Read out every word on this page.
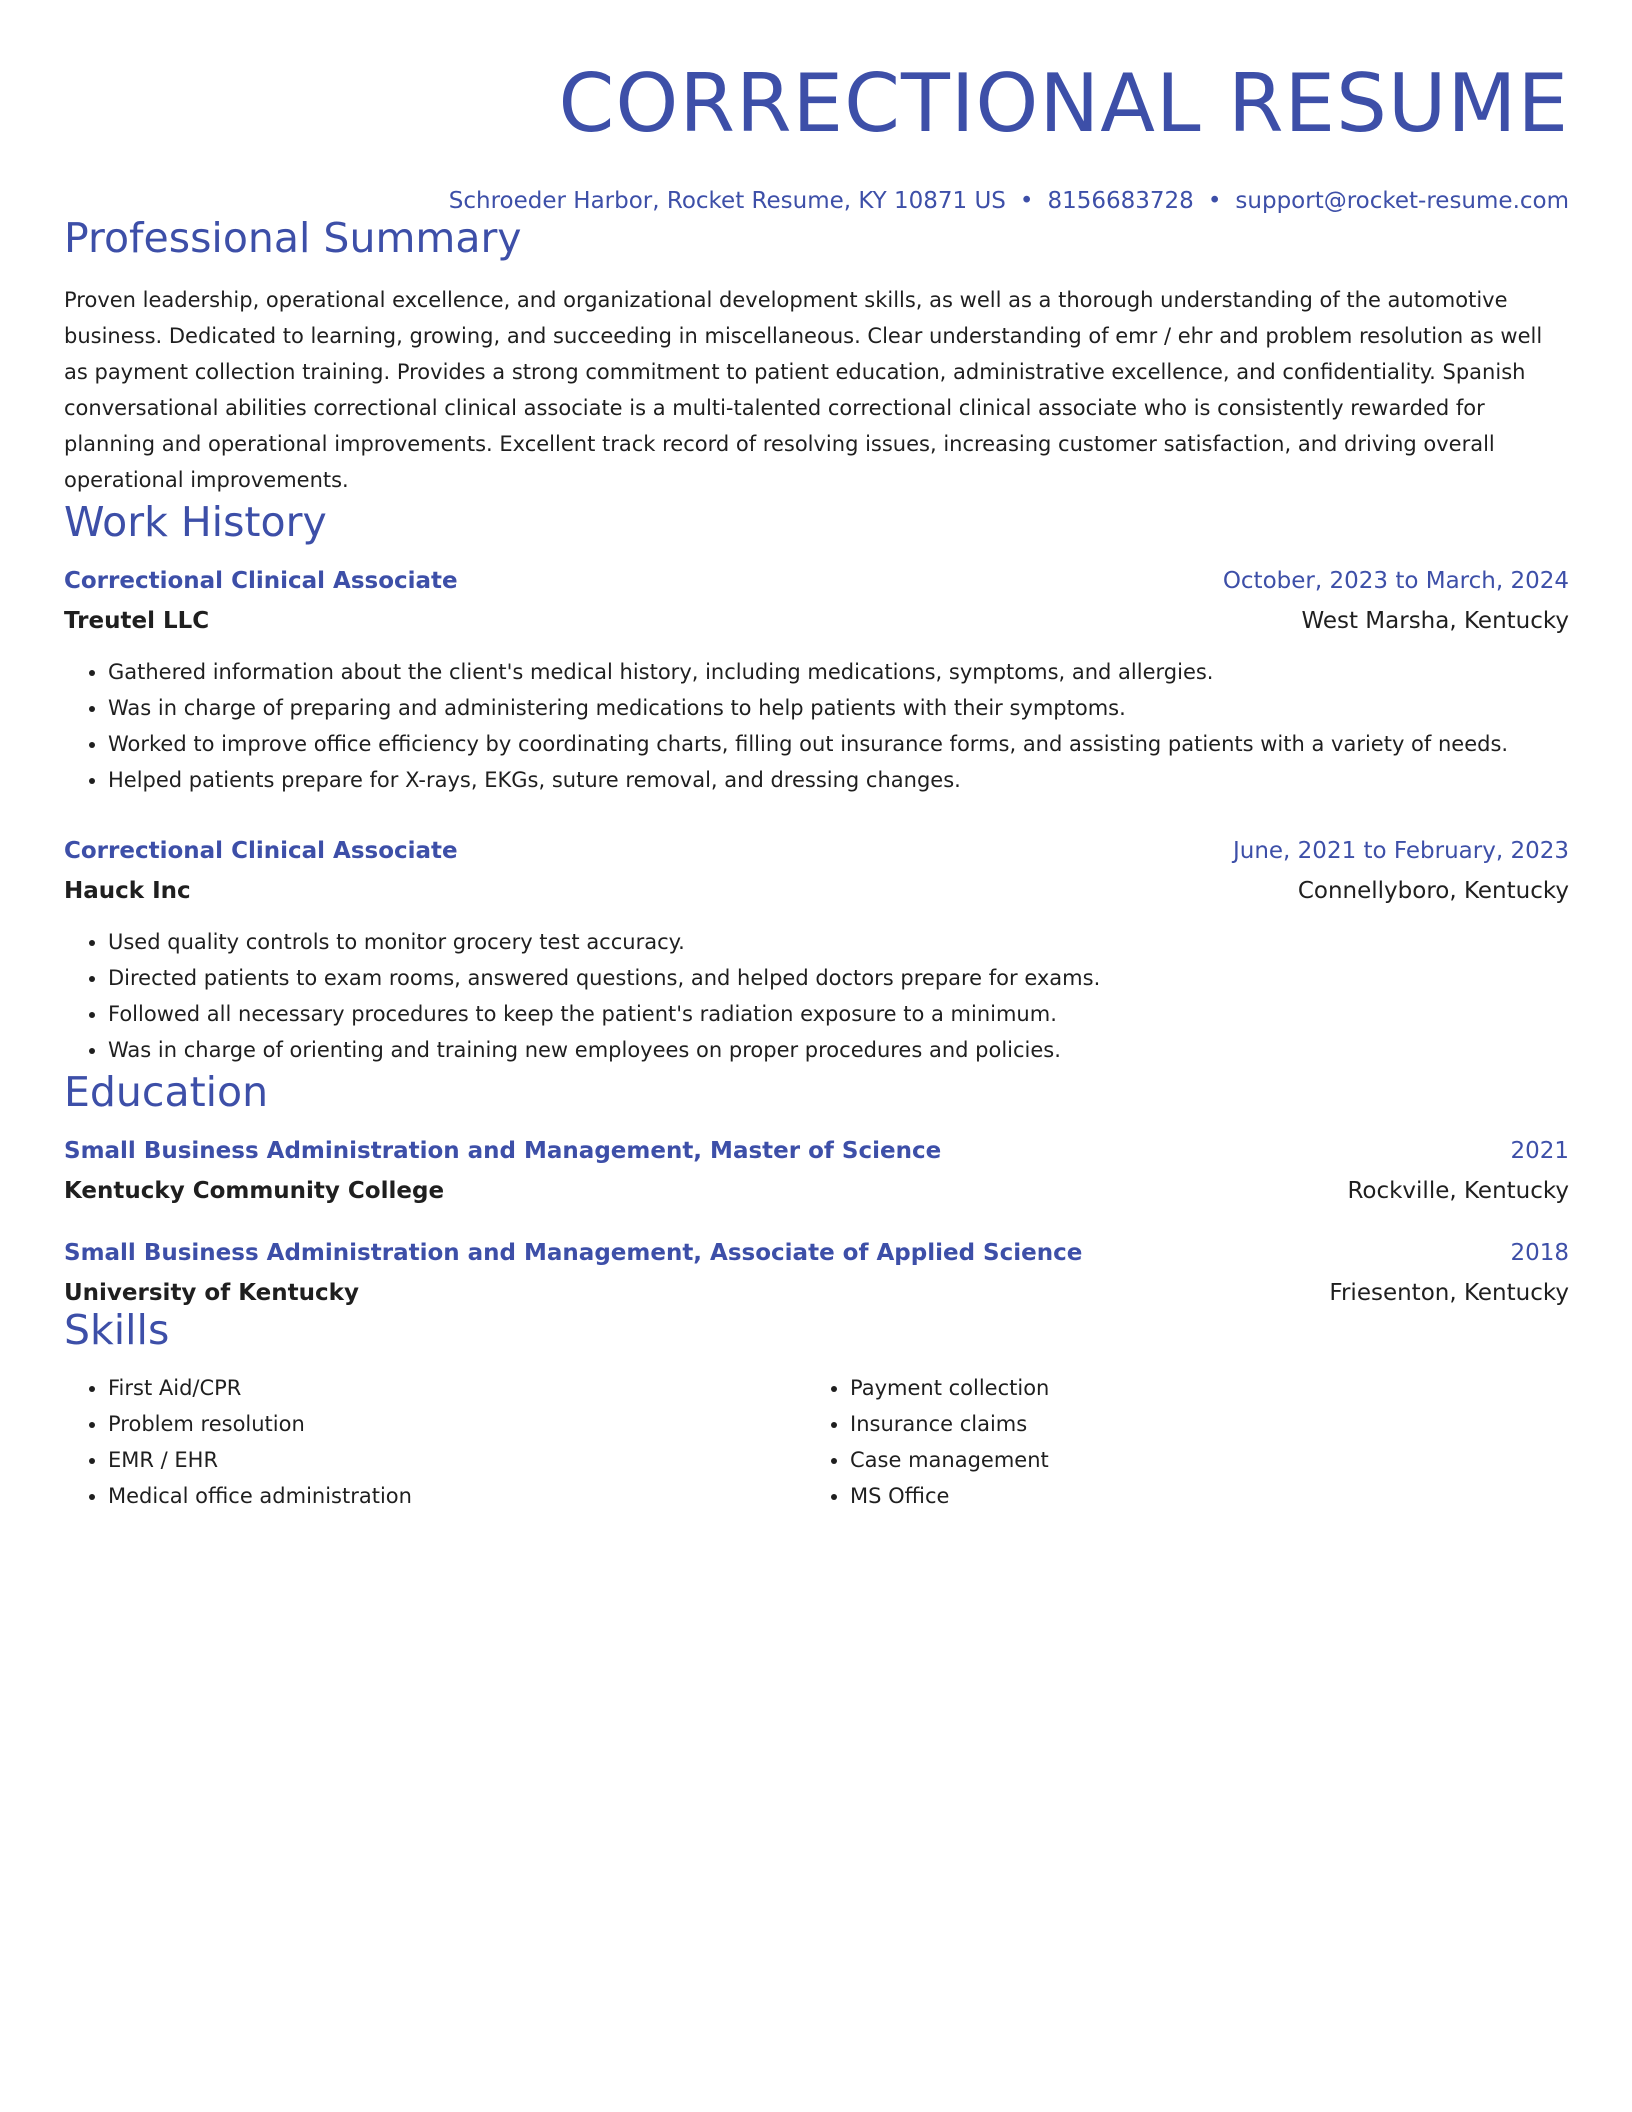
CORRECTIONAL RESUME
Schroeder Harbor, Rocket Resume, KY 10871 US • 8156683728 • support@rocket-resume.com
Professional Summary

Proven leadership, operational excellence, and organizational development skills, as well as a thorough understanding of the automotive business. Dedicated to learning, growing, and succeeding in miscellaneous. Clear understanding of emr / ehr and problem resolution as well as payment collection training. Provides a strong commitment to patient education, administrative excellence, and confidentiality. Spanish conversational abilities correctional clinical associate is a multi-talented correctional clinical associate who is consistently rewarded for planning and operational improvements. Excellent track record of resolving issues, increasing customer satisfaction, and driving overall operational improvements.

Work History
Correctional Clinical Associate	October, 2023 to March, 2024
Treutel LLC	West Marsha, Kentucky
• Gathered information about the client's medical history, including medications, symptoms, and allergies.
• Was in charge of preparing and administering medications to help patients with their symptoms.
• Worked to improve office efficiency by coordinating charts, filling out insurance forms, and assisting patients with a variety of needs.
• Helped patients prepare for X-rays, EKGs, suture removal, and dressing changes.
Correctional Clinical Associate	June, 2021 to February, 2023
Hauck Inc	Connellyboro, Kentucky
• Used quality controls to monitor grocery test accuracy.
• Directed patients to exam rooms, answered questions, and helped doctors prepare for exams.
• Followed all necessary procedures to keep the patient's radiation exposure to a minimum.
• Was in charge of orienting and training new employees on proper procedures and policies.
Education
Small Business Administration and Management, Master of Science	2021
Kentucky Community College	Rockville, Kentucky
Small Business Administration and Management, Associate of Applied Science	2018
University of Kentucky	Friesenton, Kentucky
Skills
• First Aid/CPR
• Problem resolution
• EMR / EHR
• Medical office administration
• Payment collection
• Insurance claims
• Case management
• MS Office
